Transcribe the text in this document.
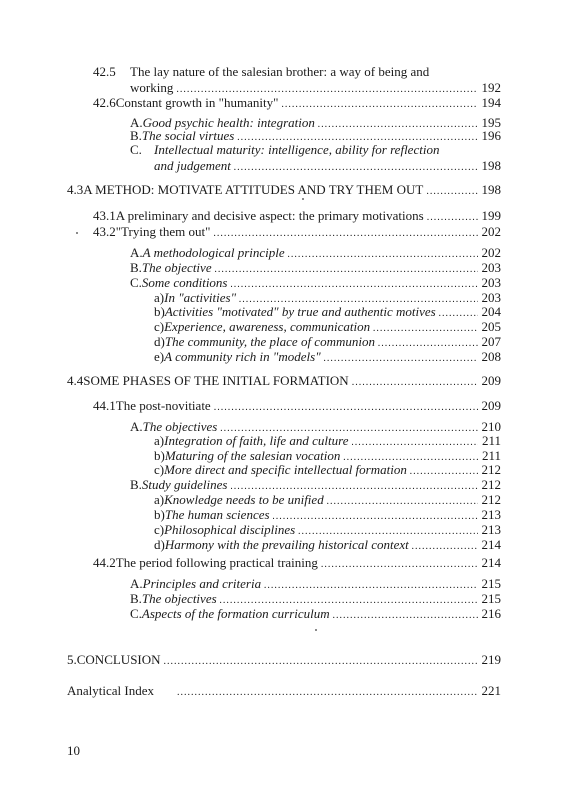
42.5 The lay nature of the salesian brother: a way of being and
working .....	192
42.6 Constant growth in "humanity" .....	194
A. Good psychic health: integration .....	195
B. The social virtues .....	196
C. Intellectual maturity: intelligence, ability for reflection
and judgement .....	198
4.3 A METHOD: MOTIVATE ATTITUDES AND TRY THEM OUT .....	198
43.1 A preliminary and decisive aspect: the primary motivations .....	199
43.2 "Trying them out" .....	202
A. A methodological principle .....	202
B. The objective .....	203
C. Some conditions .....	203
a) In "activities" .....	203
b) Activities "motivated" by true and authentic motives .....	204
c) Experience, awareness, communication .....	205
d) The community, the place of communion .....	207
e) A community rich in "models" .....	208
4.4 SOME PHASES OF THE INITIAL FORMATION .....	209
44.1 The post-novitiate .....	209
A. The objectives .....	210
a) Integration of faith, life and culture .....	211
b) Maturing of the salesian vocation .....	211
c) More direct and specific intellectual formation .....	212
B. Study guidelines .....	212
a) Knowledge needs to be unified .....	212
b) The human sciences .....	213
c) Philosophical disciplines .....	213
d) Harmony with the prevailing historical context .....	214
44.2 The period following practical training .....	214
A. Principles and criteria .....	215
B. The objectives .....	215
C. Aspects of the formation curriculum .....	216
5. CONCLUSION .....	219
Analytical Index .....	221
10
